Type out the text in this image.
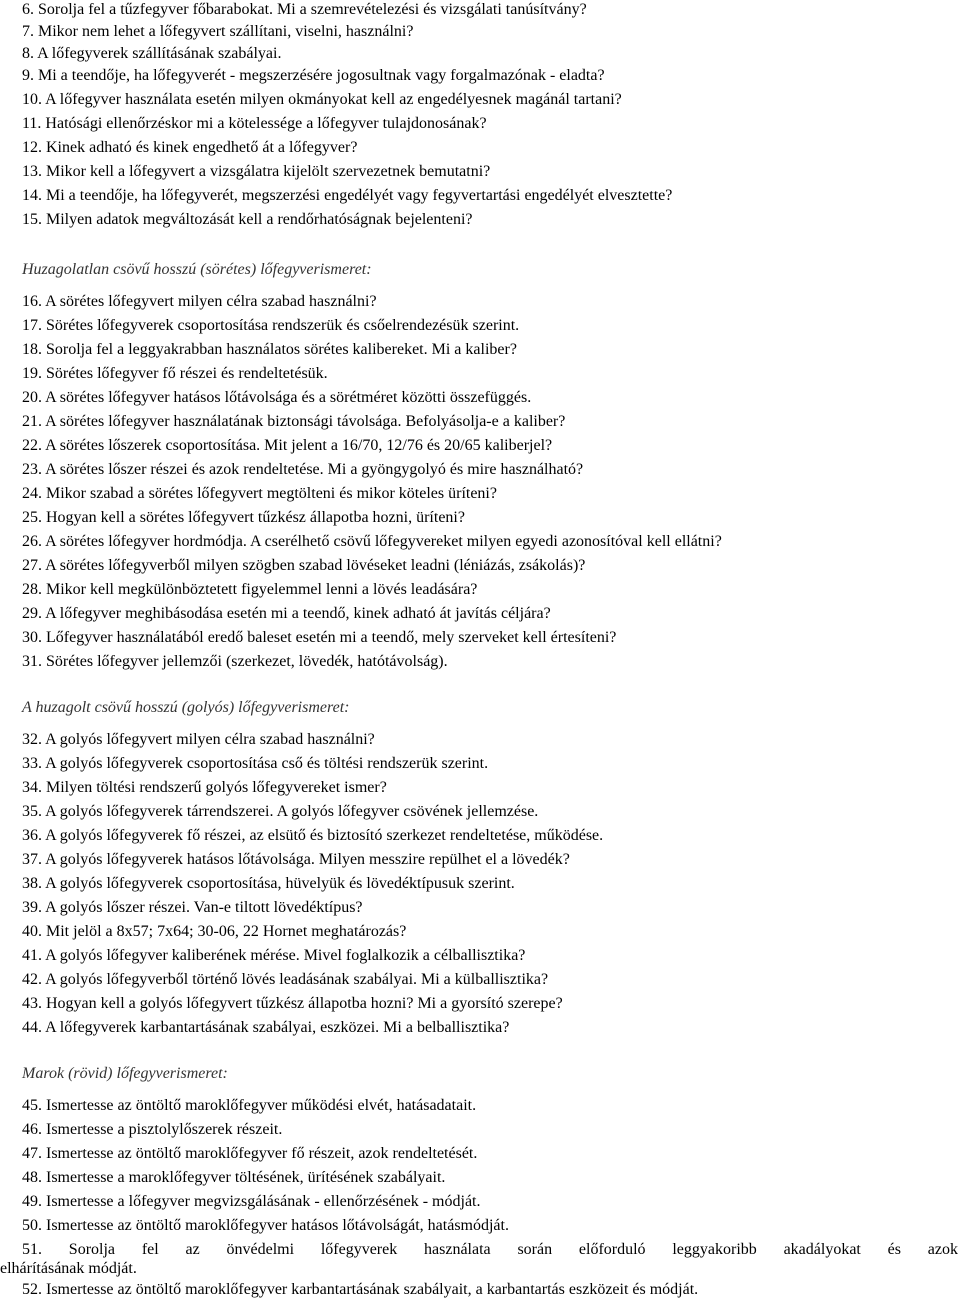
6. Sorolja fel a tűzfegyver főbarabokat. Mi a szemrevételezési és vizsgálati tanúsítvány?
7. Mikor nem lehet a lőfegyvert szállítani, viselni, használni?
8. A lőfegyverek szállításának szabályai.
9. Mi a teendője, ha lőfegyverét - megszerzésére jogosultnak vagy forgalmazónak - eladta?
10. A lőfegyver használata esetén milyen okmányokat kell az engedélyesnek magánál tartani?
11. Hatósági ellenőrzéskor mi a kötelessége a lőfegyver tulajdonosának?
12. Kinek adható és kinek engedhető át a lőfegyver?
13. Mikor kell a lőfegyvert a vizsgálatra kijelölt szervezetnek bemutatni?
14. Mi a teendője, ha lőfegyverét, megszerzési engedélyét vagy fegyvertartási engedélyét elvesztette?
15. Milyen adatok megváltozását kell a rendőrhatóságnak bejelenteni?
Huzagolatlan csövű hosszú (sörétes) lőfegyverismeret:
16. A sörétes lőfegyvert milyen célra szabad használni?
17. Sörétes lőfegyverek csoportosítása rendszerük és csőelrendezésük szerint.
18. Sorolja fel a leggyakrabban használatos sörétes kalibereket. Mi a kaliber?
19. Sörétes lőfegyver fő részei és rendeltetésük.
20. A sörétes lőfegyver hatásos lőtávolsága és a sörétméret közötti összefüggés.
21. A sörétes lőfegyver használatának biztonsági távolsága. Befolyásolja-e a kaliber?
22. A sörétes lőszerek csoportosítása. Mit jelent a 16/70, 12/76 és 20/65 kaliberjel?
23. A sörétes lőszer részei és azok rendeltetése. Mi a gyöngygolyó és mire használható?
24. Mikor szabad a sörétes lőfegyvert megtölteni és mikor köteles üríteni?
25. Hogyan kell a sörétes lőfegyvert tűzkész állapotba hozni, üríteni?
26. A sörétes lőfegyver hordmódja. A cserélhető csövű lőfegyvereket milyen egyedi azonosítóval kell ellátni?
27. A sörétes lőfegyverből milyen szögben szabad lövéseket leadni (léniázás, zsákolás)?
28. Mikor kell megkülönböztetett figyelemmel lenni a lövés leadására?
29. A lőfegyver meghibásodása esetén mi a teendő, kinek adható át javítás céljára?
30. Lőfegyver használatából eredő baleset esetén mi a teendő, mely szerveket kell értesíteni?
31. Sörétes lőfegyver jellemzői (szerkezet, lövedék, hatótávolság).
A huzagolt csövű hosszú (golyós) lőfegyverismeret:
32. A golyós lőfegyvert milyen célra szabad használni?
33. A golyós lőfegyverek csoportosítása cső és töltési rendszerük szerint.
34. Milyen töltési rendszerű golyós lőfegyvereket ismer?
35. A golyós lőfegyverek tárrendszerei. A golyós lőfegyver csövének jellemzése.
36. A golyós lőfegyverek fő részei, az elsütő és biztosító szerkezet rendeltetése, működése.
37. A golyós lőfegyverek hatásos lőtávolsága. Milyen messzire repülhet el a lövedék?
38. A golyós lőfegyverek csoportosítása, hüvelyük és lövedéktípusuk szerint.
39. A golyós lőszer részei. Van-e tiltott lövedéktípus?
40. Mit jelöl a 8x57; 7x64; 30-06, 22 Hornet meghatározás?
41. A golyós lőfegyver kaliberének mérése. Mivel foglalkozik a célballisztika?
42. A golyós lőfegyverből történő lövés leadásának szabályai. Mi a külballisztika?
43. Hogyan kell a golyós lőfegyvert tűzkész állapotba hozni? Mi a gyorsító szerepe?
44. A lőfegyverek karbantartásának szabályai, eszközei. Mi a belballisztika?
Marok (rövid) lőfegyverismeret:
45. Ismertesse az öntöltő maroklőfegyver működési elvét, hatásadatait.
46. Ismertesse a pisztolylőszerek részeit.
47. Ismertesse az öntöltő maroklőfegyver fő részeit, azok rendeltetését.
48. Ismertesse a maroklőfegyver töltésének, ürítésének szabályait.
49. Ismertesse a lőfegyver megvizsgálásának - ellenőrzésének - módját.
50. Ismertesse az öntöltő maroklőfegyver hatásos lőtávolságát, hatásmódját.
51. Sorolja fel az önvédelmi lőfegyverek használata során előforduló leggyakoribb akadályokat és azok
elhárításának módját.
52. Ismertesse az öntöltő maroklőfegyver karbantartásának szabályait, a karbantartás eszközeit és módját.
